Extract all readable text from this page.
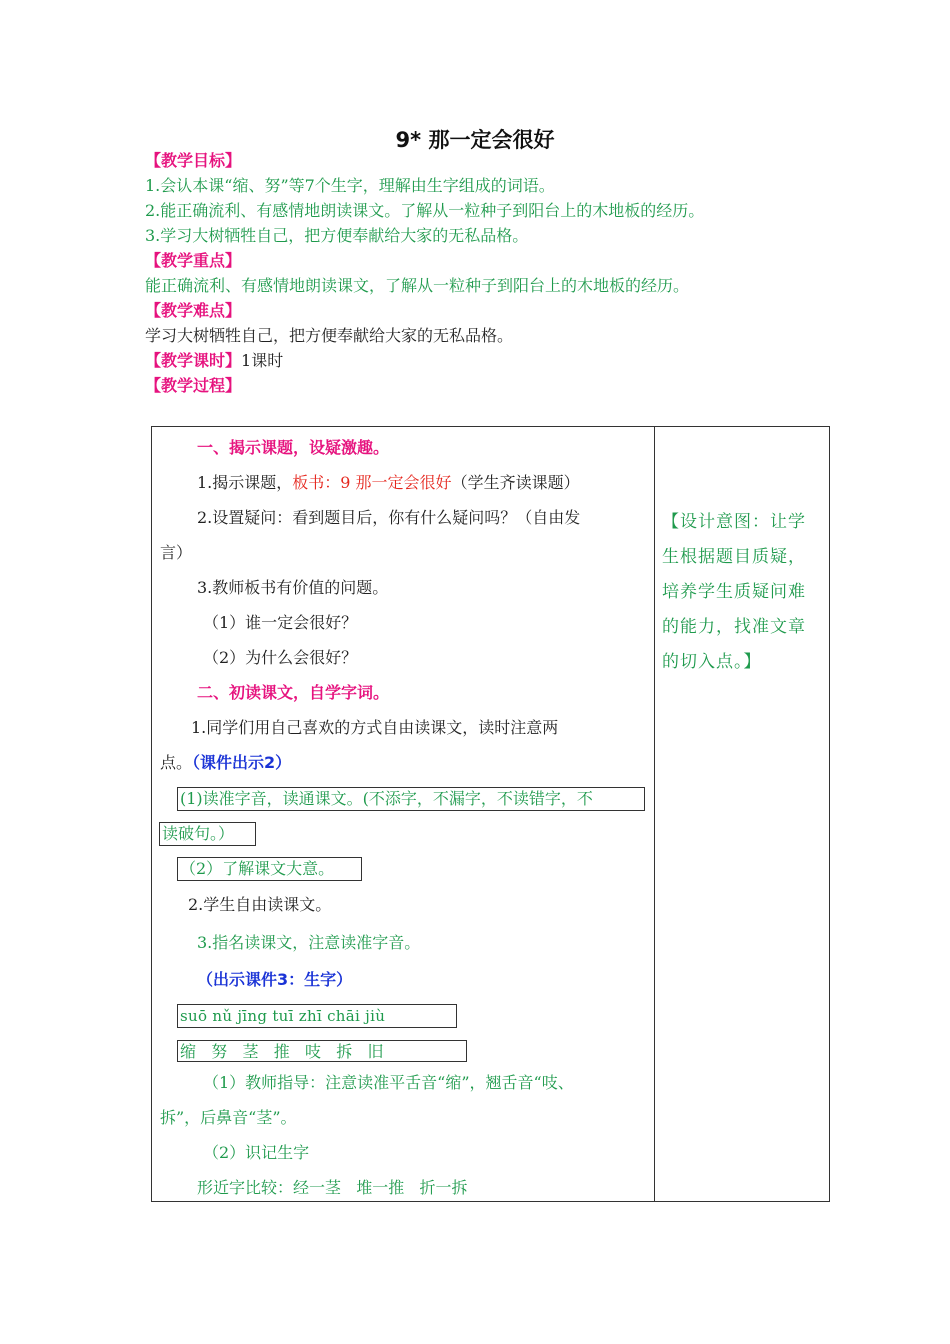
9* 那一定会很好
【教学目标】
1.会认本课“缩、努”等7个生字，理解由生字组成的词语。
2.能正确流利、有感情地朗读课文。了解从一粒种子到阳台上的木地板的经历。
3.学习大树牺牲自己，把方便奉献给大家的无私品格。
【教学重点】
能正确流利、有感情地朗读课文，了解从一粒种子到阳台上的木地板的经历。
【教学难点】
学习大树牺牲自己，把方便奉献给大家的无私品格。
【教学课时】1课时
【教学过程】
一、揭示课题，设疑激趣。
1.揭示课题，板书：9 那一定会很好（学生齐读课题）
2.设置疑问：看到题目后，你有什么疑问吗？（自由发
言）
3.教师板书有价值的问题。
（1）谁一定会很好？
（2）为什么会很好？
二、初读课文，自学字词。
1.同学们用自己喜欢的方式自由读课文，读时注意两
点。（课件出示2）
(1)读准字音，读通课文。(不添字，不漏字，不读错字，不
读破句。）
（2）了解课文大意。
2.学生自由读课文。
3.指名读课文，注意读准字音。
（出示课件3：生字）
suō nǔ jīng tuī zhī chāi jiù
缩   努   茎   推   吱   拆   旧
（1）教师指导：注意读准平舌音“缩”，翘舌音“吱、
拆”，后鼻音“茎”。
（2）识记生字
形近字比较：经一茎   堆一推   折一拆
【设计意图：让学生根据题目质疑，培养学生质疑问难的能力，找准文章的切入点。】
